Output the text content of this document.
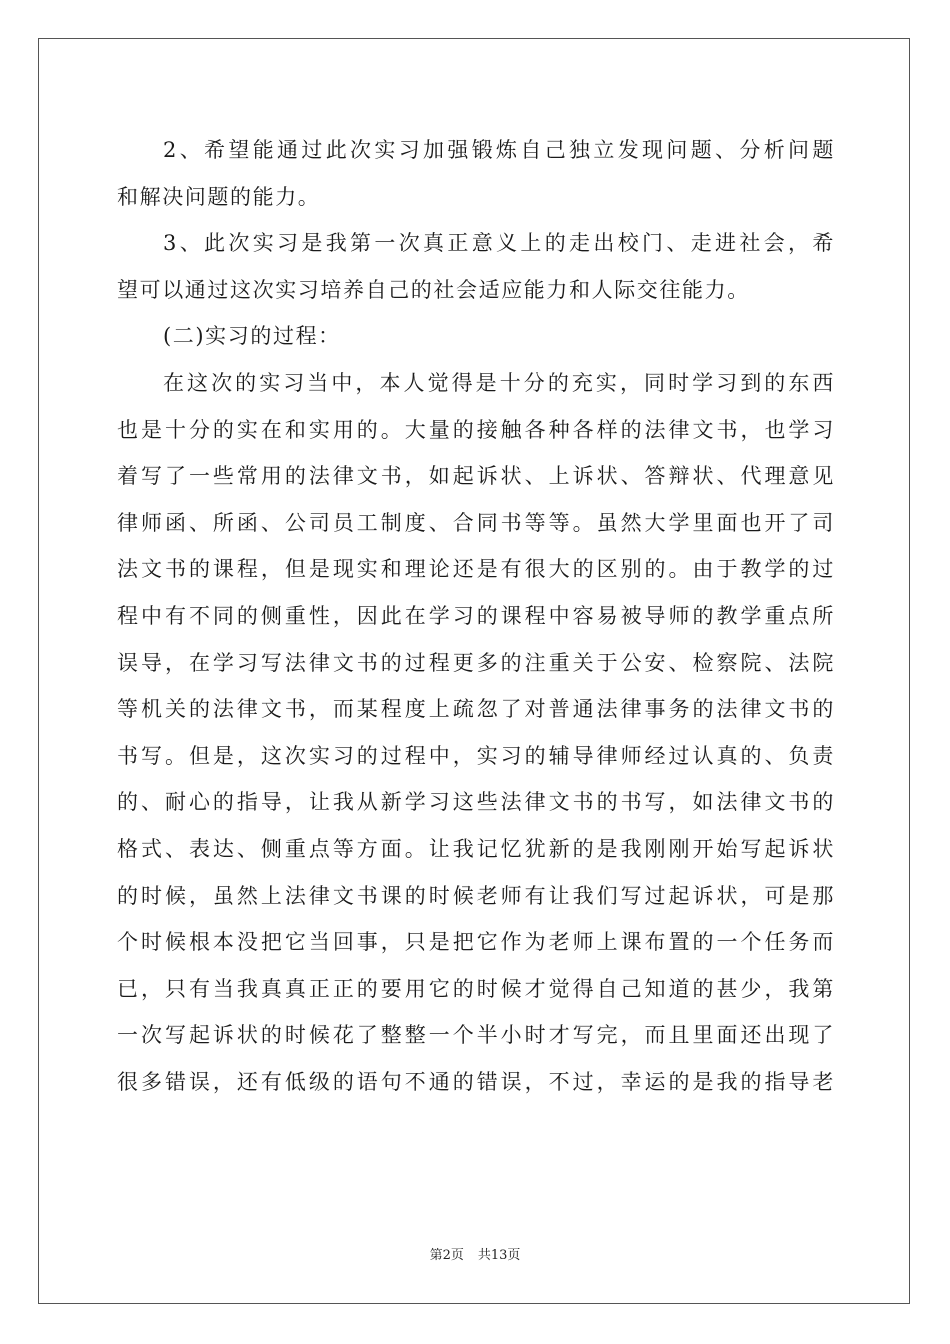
2、希望能通过此次实习加强锻炼自己独立发现问题、分析问题
和解决问题的能力。
3、此次实习是我第一次真正意义上的走出校门、走进社会，希
望可以通过这次实习培养自己的社会适应能力和人际交往能力。
(二)实习的过程：
在这次的实习当中，本人觉得是十分的充实，同时学习到的东西
也是十分的实在和实用的。大量的接触各种各样的法律文书，也学习
着写了一些常用的法律文书，如起诉状、上诉状、答辩状、代理意见
律师函、所函、公司员工制度、合同书等等。虽然大学里面也开了司
法文书的课程，但是现实和理论还是有很大的区别的。由于教学的过
程中有不同的侧重性，因此在学习的课程中容易被导师的教学重点所
误导，在学习写法律文书的过程更多的注重关于公安、检察院、法院
等机关的法律文书，而某程度上疏忽了对普通法律事务的法律文书的
书写。但是，这次实习的过程中，实习的辅导律师经过认真的、负责
的、耐心的指导，让我从新学习这些法律文书的书写，如法律文书的
格式、表达、侧重点等方面。让我记忆犹新的是我刚刚开始写起诉状
的时候，虽然上法律文书课的时候老师有让我们写过起诉状，可是那
个时候根本没把它当回事，只是把它作为老师上课布置的一个任务而
已，只有当我真真正正的要用它的时候才觉得自己知道的甚少，我第
一次写起诉状的时候花了整整一个半小时才写完，而且里面还出现了
很多错误，还有低级的语句不通的错误，不过，幸运的是我的指导老
第2页 共13页
